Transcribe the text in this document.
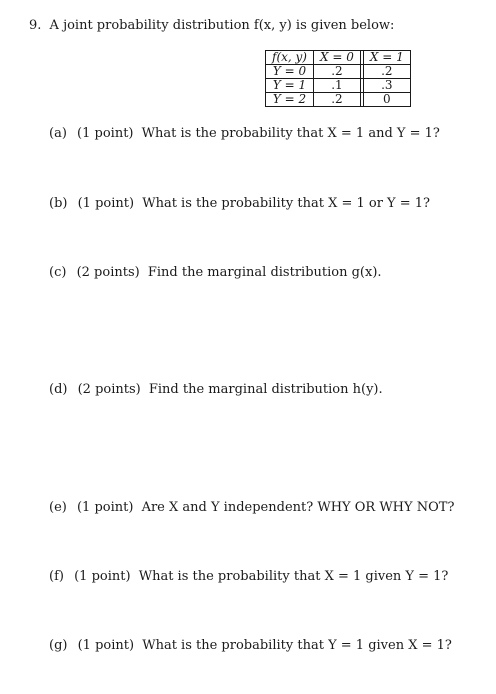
9. A joint probability distribution f(x, y) is given below:
f(x, y)	X = 0		X = 1
Y = 0	.2		.2
Y = 1	.1		.3
Y = 2	.2		0
(a) (1 point) What is the probability that X = 1 and Y = 1?
(b) (1 point) What is the probability that X = 1 or Y = 1?
(c) (2 points) Find the marginal distribution g(x).
(d) (2 points) Find the marginal distribution h(y).
(e) (1 point) Are X and Y independent? WHY OR WHY NOT?
(f) (1 point) What is the probability that X = 1 given Y = 1?
(g) (1 point) What is the probability that Y = 1 given X = 1?
